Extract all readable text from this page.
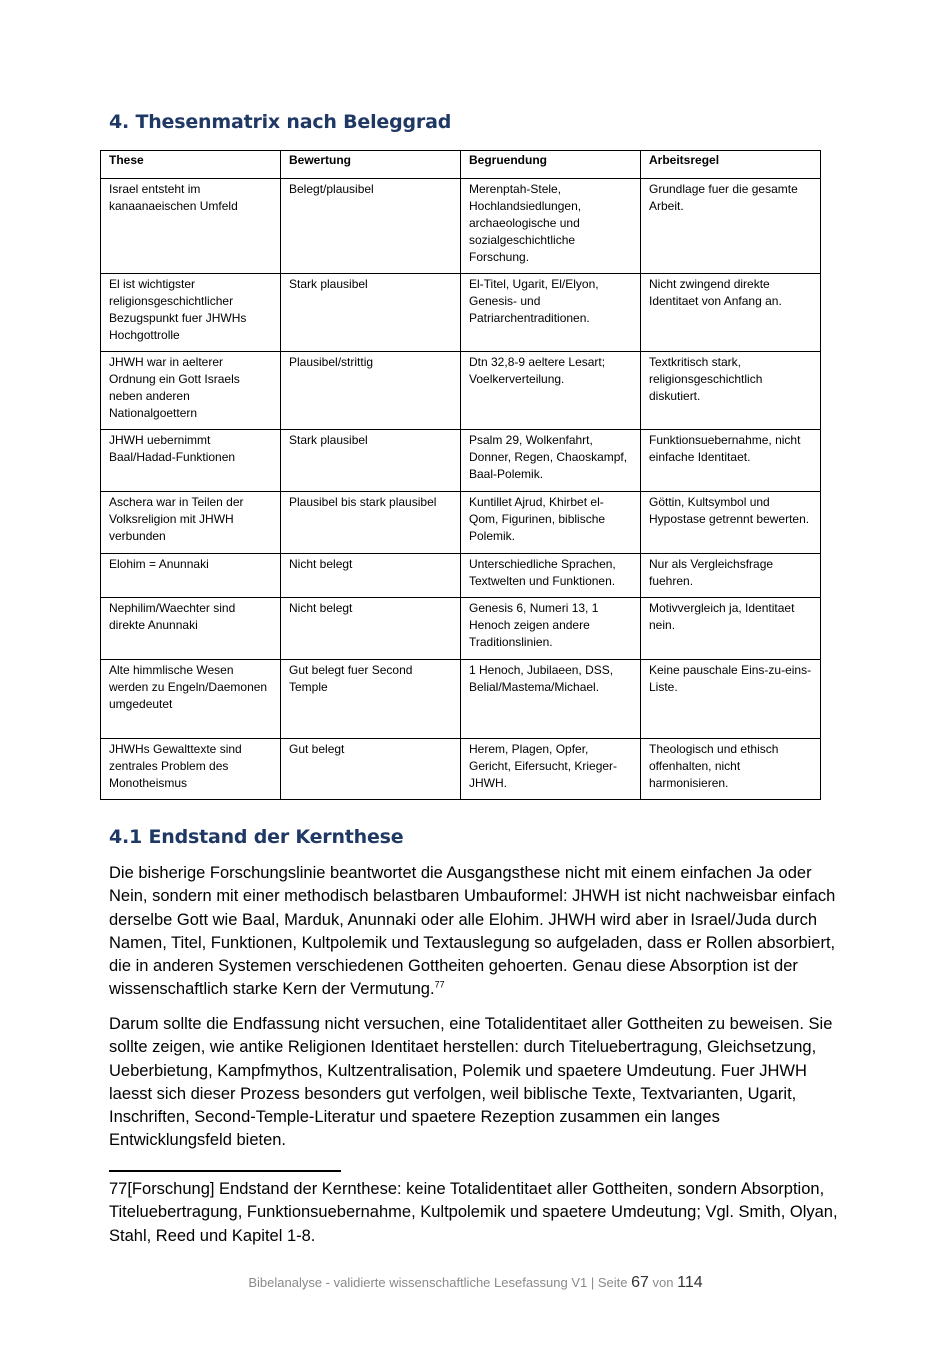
4. Thesenmatrix nach Beleggrad
These	Bewertung	Begruendung	Arbeitsregel
Israel entsteht im kanaanaeischen Umfeld	Belegt/plausibel	Merenptah-Stele, Hochlandsiedlungen, archaeologische und sozialgeschichtliche Forschung.	Grundlage fuer die gesamte Arbeit.
El ist wichtigster religionsgeschichtlicher Bezugspunkt fuer JHWHs Hochgottrolle	Stark plausibel	El-Titel, Ugarit, El/Elyon, Genesis- und Patriarchentraditionen.	Nicht zwingend direkte Identitaet von Anfang an.
JHWH war in aelterer Ordnung ein Gott Israels neben anderen Nationalgoettern	Plausibel/strittig	Dtn 32,8-9 aeltere Lesart; Voelkerverteilung.	Textkritisch stark, religionsgeschichtlich diskutiert.
JHWH uebernimmt Baal/Hadad-Funktionen	Stark plausibel	Psalm 29, Wolkenfahrt, Donner, Regen, Chaoskampf, Baal-Polemik.	Funktionsuebernahme, nicht einfache Identitaet.
Aschera war in Teilen der Volksreligion mit JHWH verbunden	Plausibel bis stark plausibel	Kuntillet Ajrud, Khirbet el-Qom, Figurinen, biblische Polemik.	Göttin, Kultsymbol und Hypostase getrennt bewerten.
Elohim = Anunnaki	Nicht belegt	Unterschiedliche Sprachen, Textwelten und Funktionen.	Nur als Vergleichsfrage fuehren.
Nephilim/Waechter sind direkte Anunnaki	Nicht belegt	Genesis 6, Numeri 13, 1 Henoch zeigen andere Traditionslinien.	Motivvergleich ja, Identitaet nein.
Alte himmlische Wesen werden zu Engeln/Daemonen umgedeutet	Gut belegt fuer Second Temple	1 Henoch, Jubilaeen, DSS, Belial/Mastema/Michael.	Keine pauschale Eins-zu-eins-Liste.
JHWHs Gewalttexte sind zentrales Problem des Monotheismus	Gut belegt	Herem, Plagen, Opfer, Gericht, Eifersucht, Krieger-JHWH.	Theologisch und ethisch offenhalten, nicht harmonisieren.
4.1 Endstand der Kernthese

Die bisherige Forschungslinie beantwortet die Ausgangsthese nicht mit einem einfachen Ja oder Nein, sondern mit einer methodisch belastbaren Umbauformel: JHWH ist nicht nachweisbar einfach derselbe Gott wie Baal, Marduk, Anunnaki oder alle Elohim. JHWH wird aber in Israel/Juda durch Namen, Titel, Funktionen, Kultpolemik und Textauslegung so aufgeladen, dass er Rollen absorbiert, die in anderen Systemen verschiedenen Gottheiten gehoerten. Genau diese Absorption ist der wissenschaftlich starke Kern der Vermutung.$^{77}$

Darum sollte die Endfassung nicht versuchen, eine Totalidentitaet aller Gottheiten zu beweisen. Sie sollte zeigen, wie antike Religionen Identitaet herstellen: durch Titeluebertragung, Gleichsetzung, Ueberbietung, Kampfmythos, Kultzentralisation, Polemik und spaetere Umdeutung. Fuer JHWH laesst sich dieser Prozess besonders gut verfolgen, weil biblische Texte, Textvarianten, Ugarit, Inschriften, Second-Temple-Literatur und spaetere Rezeption zusammen ein langes Entwicklungsfeld bieten.

77[Forschung] Endstand der Kernthese: keine Totalidentitaet aller Gottheiten, sondern Absorption, Titeluebertragung, Funktionsuebernahme, Kultpolemik und spaetere Umdeutung; Vgl. Smith, Olyan, Stahl, Reed und Kapitel 1-8.

Bibelanalyse - validierte wissenschaftliche Lesefassung V1 | Seite 67 von 114
